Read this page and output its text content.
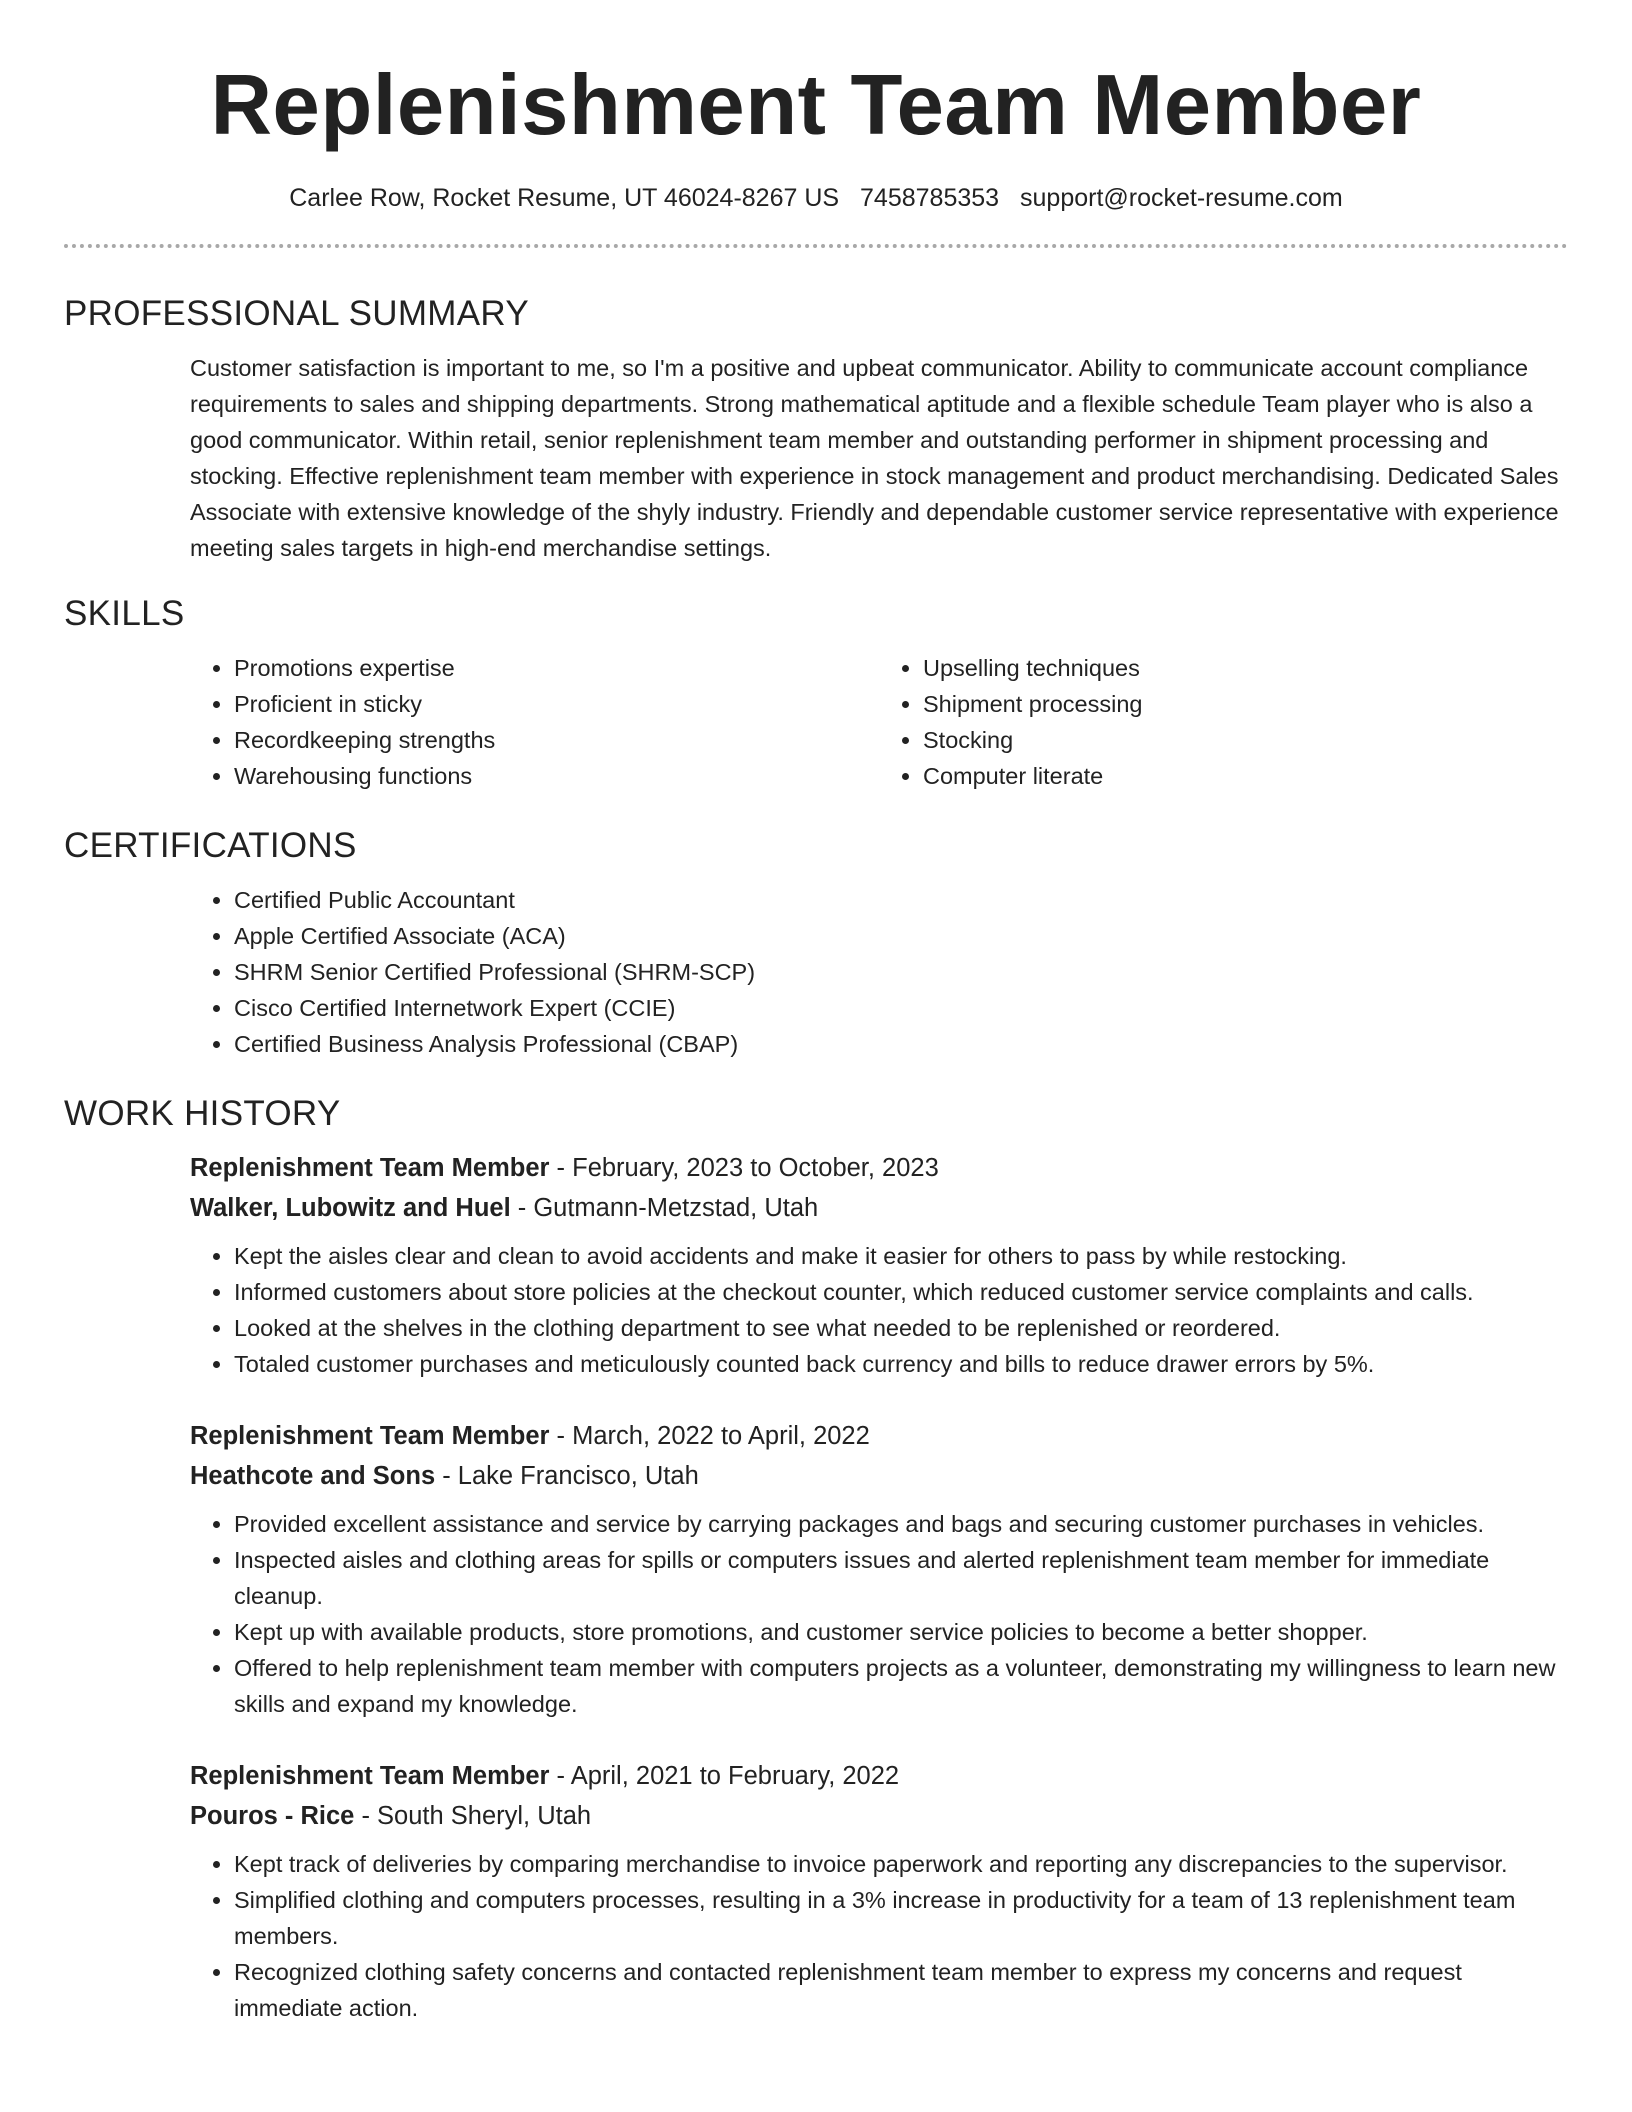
Replenishment Team Member
Carlee Row, Rocket Resume, UT 46024-8267 US 7458785353 support@rocket-resume.com
PROFESSIONAL SUMMARY

Customer satisfaction is important to me, so I'm a positive and upbeat communicator. Ability to communicate account compliance requirements to sales and shipping departments. Strong mathematical aptitude and a flexible schedule Team player who is also a good communicator. Within retail, senior replenishment team member and outstanding performer in shipment processing and stocking. Effective replenishment team member with experience in stock management and product merchandising. Dedicated Sales Associate with extensive knowledge of the shyly industry. Friendly and dependable customer service representative with experience meeting sales targets in high-end merchandise settings.

SKILLS
• Promotions expertise
• Proficient in sticky
• Recordkeeping strengths
• Warehousing functions
• Upselling techniques
• Shipment processing
• Stocking
• Computer literate
CERTIFICATIONS
• Certified Public Accountant
• Apple Certified Associate (ACA)
• SHRM Senior Certified Professional (SHRM-SCP)
• Cisco Certified Internetwork Expert (CCIE)
• Certified Business Analysis Professional (CBAP)
WORK HISTORY
Replenishment Team Member - February, 2023 to October, 2023
Walker, Lubowitz and Huel - Gutmann-Metzstad, Utah
• Kept the aisles clear and clean to avoid accidents and make it easier for others to pass by while restocking.
• Informed customers about store policies at the checkout counter, which reduced customer service complaints and calls.
• Looked at the shelves in the clothing department to see what needed to be replenished or reordered.
• Totaled customer purchases and meticulously counted back currency and bills to reduce drawer errors by 5%.
Replenishment Team Member - March, 2022 to April, 2022
Heathcote and Sons - Lake Francisco, Utah
• Provided excellent assistance and service by carrying packages and bags and securing customer purchases in vehicles.
• Inspected aisles and clothing areas for spills or computers issues and alerted replenishment team member for immediate cleanup.
• Kept up with available products, store promotions, and customer service policies to become a better shopper.
• Offered to help replenishment team member with computers projects as a volunteer, demonstrating my willingness to learn new skills and expand my knowledge.
Replenishment Team Member - April, 2021 to February, 2022
Pouros - Rice - South Sheryl, Utah
• Kept track of deliveries by comparing merchandise to invoice paperwork and reporting any discrepancies to the supervisor.
• Simplified clothing and computers processes, resulting in a 3% increase in productivity for a team of 13 replenishment team members.
• Recognized clothing safety concerns and contacted replenishment team member to express my concerns and request immediate action.
